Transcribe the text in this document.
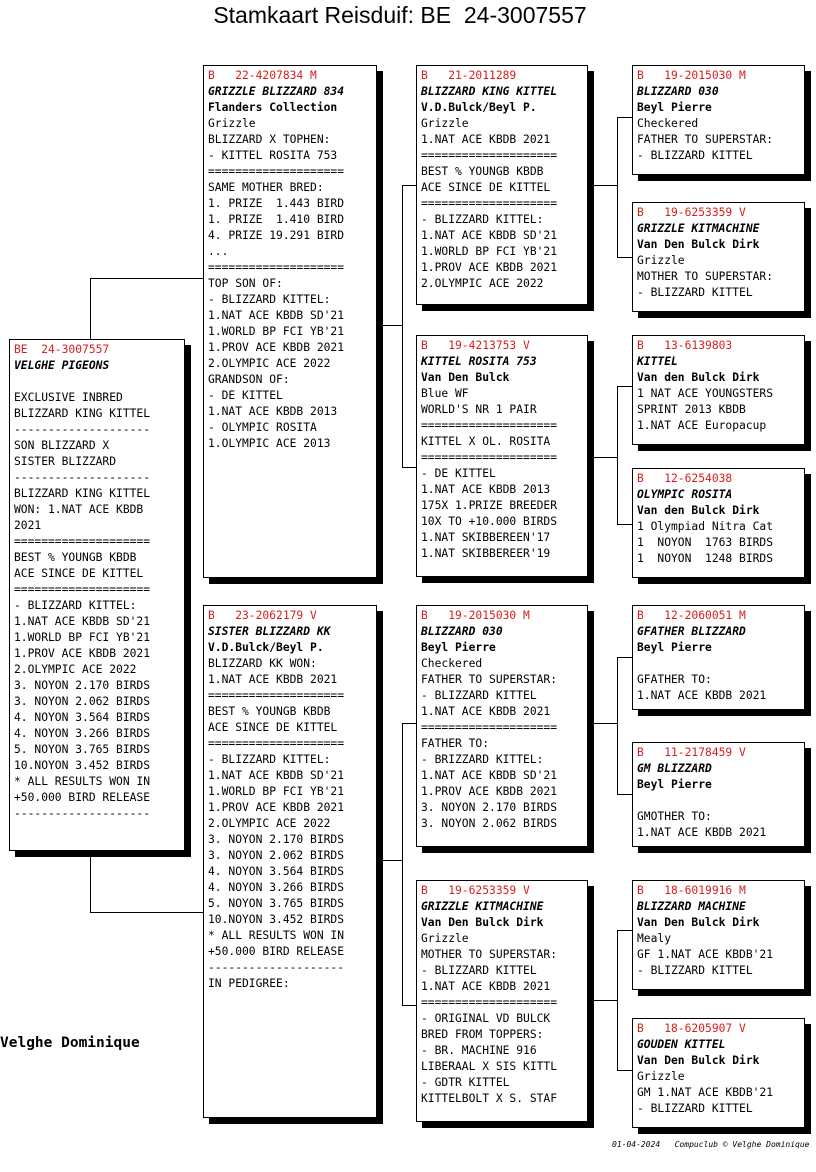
Stamkaart Reisduif: BE  24-3007557
BE  24-3007557
VELGHE PIGEONS

EXCLUSIVE INBRED
BLIZZARD KING KITTEL
--------------------
SON BLIZZARD X
SISTER BLIZZARD
--------------------
BLIZZARD KING KITTEL
WON: 1.NAT ACE KBDB
2021
====================
BEST % YOUNGB KBDB
ACE SINCE DE KITTEL
====================
- BLIZZARD KITTEL:
1.NAT ACE KBDB SD'21
1.WORLD BP FCI YB'21
1.PROV ACE KBDB 2021
2.OLYMPIC ACE 2022
3. NOYON 2.170 BIRDS
3. NOYON 2.062 BIRDS
4. NOYON 3.564 BIRDS
4. NOYON 3.266 BIRDS
5. NOYON 3.765 BIRDS
10.NOYON 3.452 BIRDS
* ALL RESULTS WON IN
+50.000 BIRD RELEASE
--------------------
B   22-4207834 M
GRIZZLE BLIZZARD 834
Flanders Collection
Grizzle
BLIZZARD X TOPHEN:
- KITTEL ROSITA 753
====================
SAME MOTHER BRED:
1. PRIZE  1.443 BIRD
1. PRIZE  1.410 BIRD
4. PRIZE 19.291 BIRD
...
====================
TOP SON OF:
- BLIZZARD KITTEL:
1.NAT ACE KBDB SD'21
1.WORLD BP FCI YB'21
1.PROV ACE KBDB 2021
2.OLYMPIC ACE 2022
GRANDSON OF:
- DE KITTEL
1.NAT ACE KBDB 2013
- OLYMPIC ROSITA
1.OLYMPIC ACE 2013
B   23-2062179 V
SISTER BLIZZARD KK
V.D.Bulck/Beyl P.
BLIZZARD KK WON:
1.NAT ACE KBDB 2021
====================
BEST % YOUNGB KBDB
ACE SINCE DE KITTEL
====================
- BLIZZARD KITTEL:
1.NAT ACE KBDB SD'21
1.WORLD BP FCI YB'21
1.PROV ACE KBDB 2021
2.OLYMPIC ACE 2022
3. NOYON 2.170 BIRDS
3. NOYON 2.062 BIRDS
4. NOYON 3.564 BIRDS
4. NOYON 3.266 BIRDS
5. NOYON 3.765 BIRDS
10.NOYON 3.452 BIRDS
* ALL RESULTS WON IN
+50.000 BIRD RELEASE
--------------------
IN PEDIGREE:
B   21-2011289
BLIZZARD KING KITTEL
V.D.Bulck/Beyl P.
Grizzle
1.NAT ACE KBDB 2021
====================
BEST % YOUNGB KBDB
ACE SINCE DE KITTEL
====================
- BLIZZARD KITTEL:
1.NAT ACE KBDB SD'21
1.WORLD BP FCI YB'21
1.PROV ACE KBDB 2021
2.OLYMPIC ACE 2022
B   19-4213753 V
KITTEL ROSITA 753
Van Den Bulck
Blue WF
WORLD'S NR 1 PAIR
====================
KITTEL X OL. ROSITA
====================
- DE KITTEL
1.NAT ACE KBDB 2013
175X 1.PRIZE BREEDER
10X TO +10.000 BIRDS
1.NAT SKIBBEREEN'17
1.NAT SKIBBEREER'19
B   19-2015030 M
BLIZZARD 030
Beyl Pierre
Checkered
FATHER TO SUPERSTAR:
- BLIZZARD KITTEL
1.NAT ACE KBDB 2021
====================
FATHER TO:
- BRIZZARD KITTEL:
1.NAT ACE KBDB SD'21
1.PROV ACE KBDB 2021
3. NOYON 2.170 BIRDS
3. NOYON 2.062 BIRDS
B   19-6253359 V
GRIZZLE KITMACHINE
Van Den Bulck Dirk
Grizzle
MOTHER TO SUPERSTAR:
- BLIZZARD KITTEL
1.NAT ACE KBDB 2021
====================
- ORIGINAL VD BULCK
BRED FROM TOPPERS:
- BR. MACHINE 916
LIBERAAL X SIS KITTL
- GDTR KITTEL
KITTELBOLT X S. STAF
B   19-2015030 M
BLIZZARD 030
Beyl Pierre
Checkered
FATHER TO SUPERSTAR:
- BLIZZARD KITTEL
B   19-6253359 V
GRIZZLE KITMACHINE
Van Den Bulck Dirk
Grizzle
MOTHER TO SUPERSTAR:
- BLIZZARD KITTEL
B   13-6139803
KITTEL
Van den Bulck Dirk
1 NAT ACE YOUNGSTERS
SPRINT 2013 KBDB
1.NAT ACE Europacup
B   12-6254038
OLYMPIC ROSITA
Van den Bulck Dirk
1 Olympiad Nitra Cat
1  NOYON  1763 BIRDS
1  NOYON  1248 BIRDS
B   12-2060051 M
GFATHER BLIZZARD
Beyl Pierre

GFATHER TO:
1.NAT ACE KBDB 2021
B   11-2178459 V
GM BLIZZARD
Beyl Pierre

GMOTHER TO:
1.NAT ACE KBDB 2021
B   18-6019916 M
BLIZZARD MACHINE
Van Den Bulck Dirk
Mealy
GF 1.NAT ACE KBDB'21
- BLIZZARD KITTEL
B   18-6205907 V
GOUDEN KITTEL
Van Den Bulck Dirk
Grizzle
GM 1.NAT ACE KBDB'21
- BLIZZARD KITTEL
Velghe Dominique
01-04-2024   Compuclub © Velghe Dominique
